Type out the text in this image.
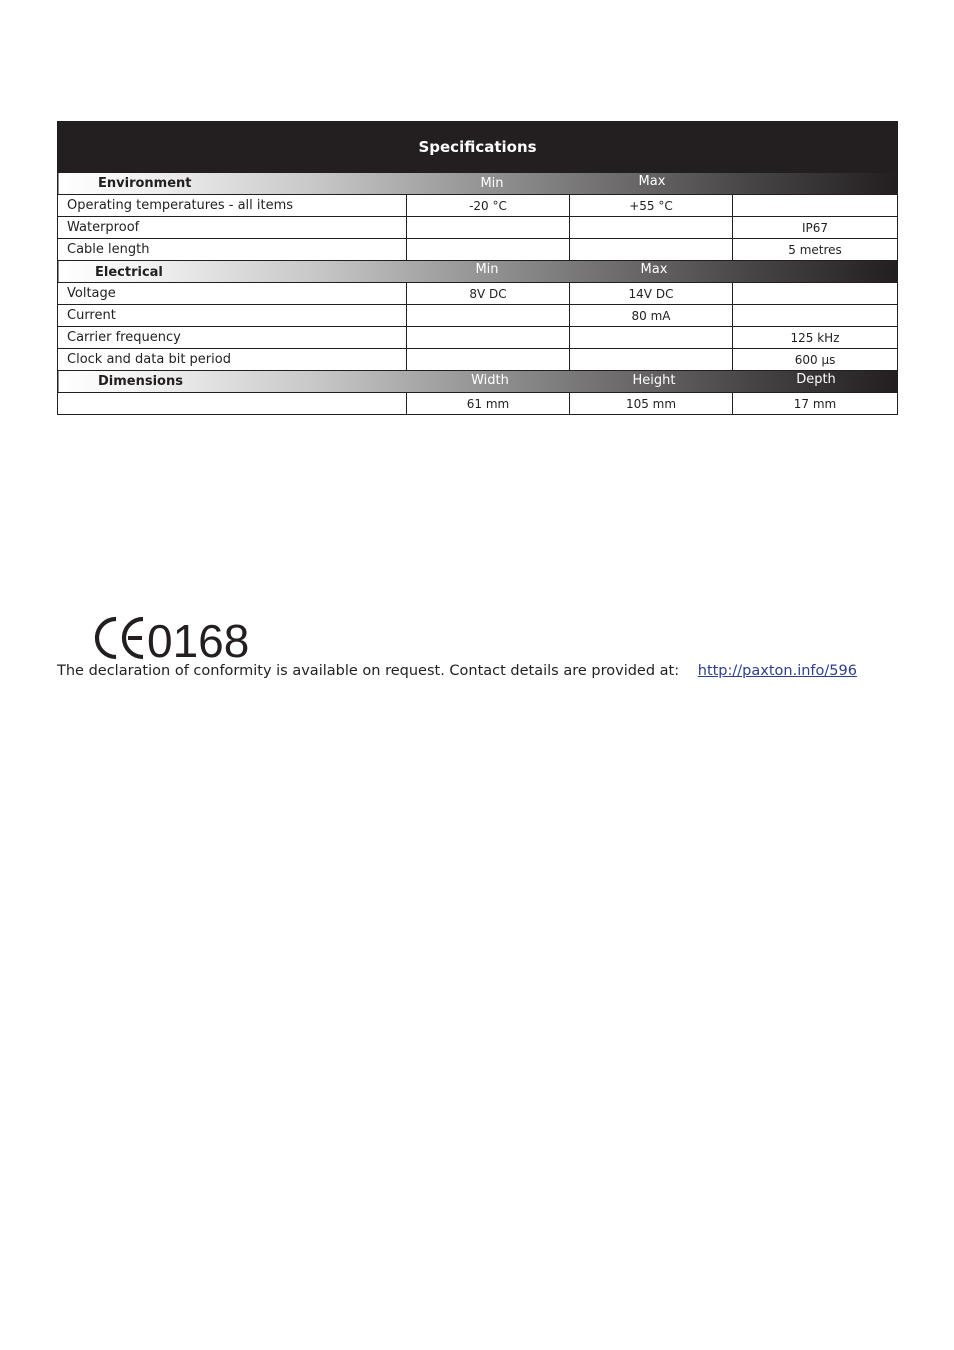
Specifications			
Environment Min Max			

Operating temperatures - all items	-20 °C	+55 °C	
Waterproof			IP67
Cable length			5 metres
Electrical Min Max			

Voltage	8V DC	14V DC	
Current		80 mA	
Carrier frequency			125 kHz
Clock and data bit period			600 µs
Dimensions Width Height Depth			

	61 mm	105 mm	17 mm
0168
The declaration of conformity is available on request. Contact details are provided at: http://paxton.info/596
